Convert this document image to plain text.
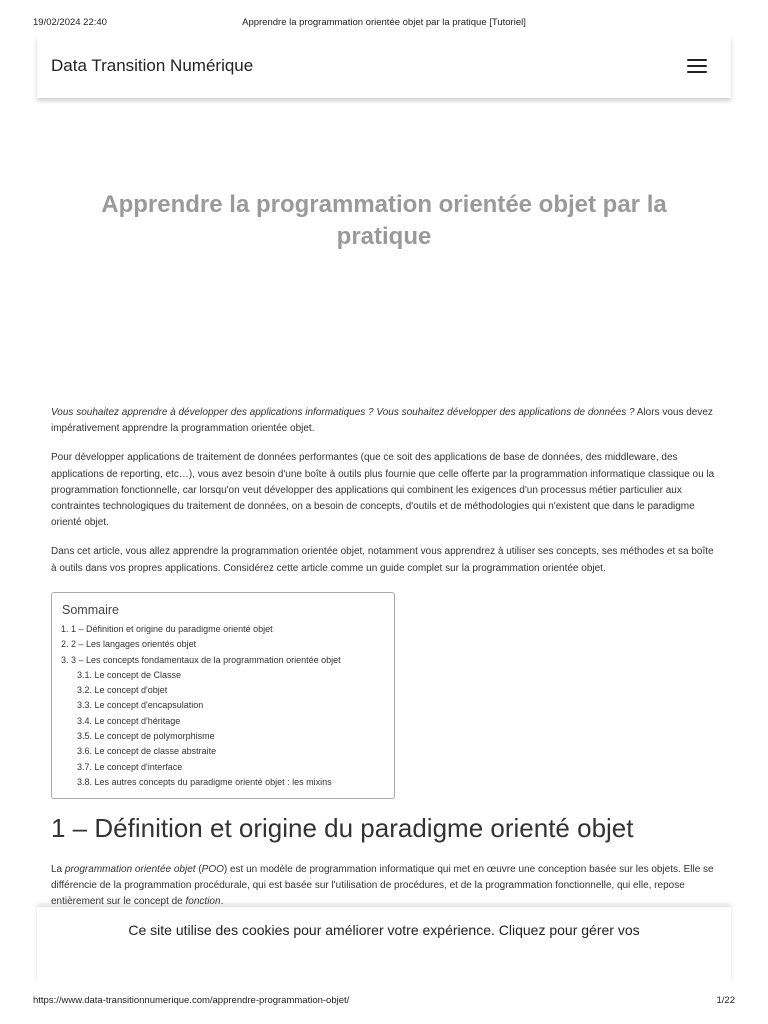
19/02/2024 22:40	Apprendre la programmation orientée objet par la pratique [Tutoriel]
Data Transition Numérique
Apprendre la programmation orientée objet par la pratique

Vous souhaitez apprendre à développer des applications informatiques ? Vous souhaitez développer des applications de données ? Alors vous devez impérativement apprendre la programmation orientée objet.

Pour développer applications de traitement de données performantes (que ce soit des applications de base de données, des middleware, des applications de reporting, etc…), vous avez besoin d'une boîte à outils plus fournie que celle offerte par la programmation informatique classique ou la programmation fonctionnelle, car lorsqu'on veut développer des applications qui combinent les exigences d'un processus métier particulier aux contraintes technologiques du traitement de données, on a besoin de concepts, d'outils et de méthodologies qui n'existent que dans le paradigme orienté objet.

Dans cet article, vous allez apprendre la programmation orientée objet, notamment vous apprendrez à utiliser ses concepts, ses méthodes et sa boîte à outils dans vos propres applications. Considérez cette article comme un guide complet sur la programmation orientée objet.

Sommaire
1. 1 – Définition et origine du paradigme orienté objet
2. 2 – Les langages orientés objet
3. 3 – Les concepts fondamentaux de la programmation orientée objet
3.1. Le concept de Classe
3.2. Le concept d'objet
3.3. Le concept d'encapsulation
3.4. Le concept d'héritage
3.5. Le concept de polymorphisme
3.6. Le concept de classe abstraite
3.7. Le concept d'interface
3.8. Les autres concepts du paradigme orienté objet : les mixins
1 – Définition et origine du paradigme orienté objet

La programmation orientée objet (POO) est un modèle de programmation informatique qui met en œuvre une conception basée sur les objets. Elle se différencie de la programmation procédurale, qui est basée sur l'utilisation de procédures, et de la programmation fonctionnelle, qui elle, repose entièrement sur le concept de fonction.

Ce site utilise des cookies pour améliorer votre expérience. Cliquez pour gérer vos
https://www.data-transitionnumerique.com/apprendre-programmation-objet/	1/22
